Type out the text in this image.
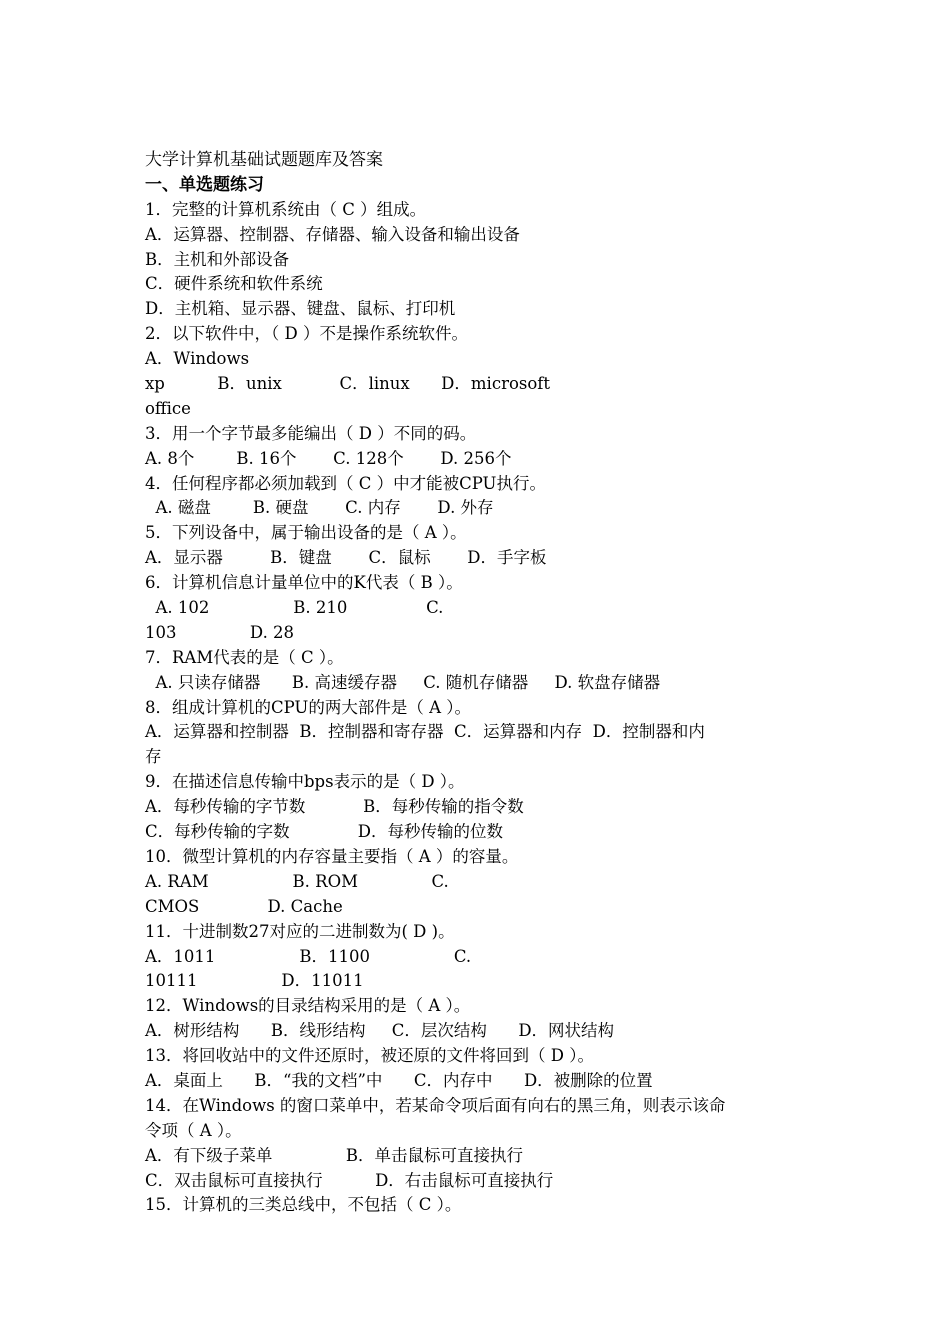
大学计算机基础试题题库及答案
一、单选题练习
1．完整的计算机系统由（ C ）组成。
A．运算器、控制器、存储器、输入设备和输出设备
B．主机和外部设备
C．硬件系统和软件系统
D．主机箱、显示器、键盘、鼠标、打印机
2．以下软件中，（ D ）不是操作系统软件。
A．Windows
xp          B．unix           C．linux      D．microsoft
office
3．用一个字节最多能编出（ D ）不同的码。
A. 8个        B. 16个       C. 128个       D. 256个
4．任何程序都必须加载到（ C ）中才能被CPU执行。
A. 磁盘        B. 硬盘       C. 内存       D. 外存
5．下列设备中，属于输出设备的是（ A ）。
A．显示器         B．键盘       C．鼠标       D．手字板
6．计算机信息计量单位中的K代表（ B ）。
A. 102                B. 210               C.
103              D. 28
7．RAM代表的是（ C ）。
A. 只读存储器      B. 高速缓存器     C. 随机存储器     D. 软盘存储器
8．组成计算机的CPU的两大部件是（ A ）。
A．运算器和控制器  B．控制器和寄存器  C．运算器和内存  D．控制器和内
存
9．在描述信息传输中bps表示的是（ D ）。
A．每秒传输的字节数           B．每秒传输的指令数
C．每秒传输的字数             D．每秒传输的位数
10．微型计算机的内存容量主要指（ A ）的容量。
A. RAM                B. ROM              C.
CMOS             D. Cache
11．十进制数27对应的二进制数为( D )。
A．1011                B．1100                C.
10111                D．11011
12．Windows的目录结构采用的是（ A ）。
A．树形结构      B．线形结构     C．层次结构      D．网状结构
13．将回收站中的文件还原时，被还原的文件将回到（ D ）。
A．桌面上      B．“我的文档”中      C．内存中      D．被删除的位置
14．在Windows 的窗口菜单中，若某命令项后面有向右的黑三角，则表示该命
令项（ A ）。
A．有下级子菜单              B．单击鼠标可直接执行
C．双击鼠标可直接执行          D．右击鼠标可直接执行
15．计算机的三类总线中，不包括（ C ）。
